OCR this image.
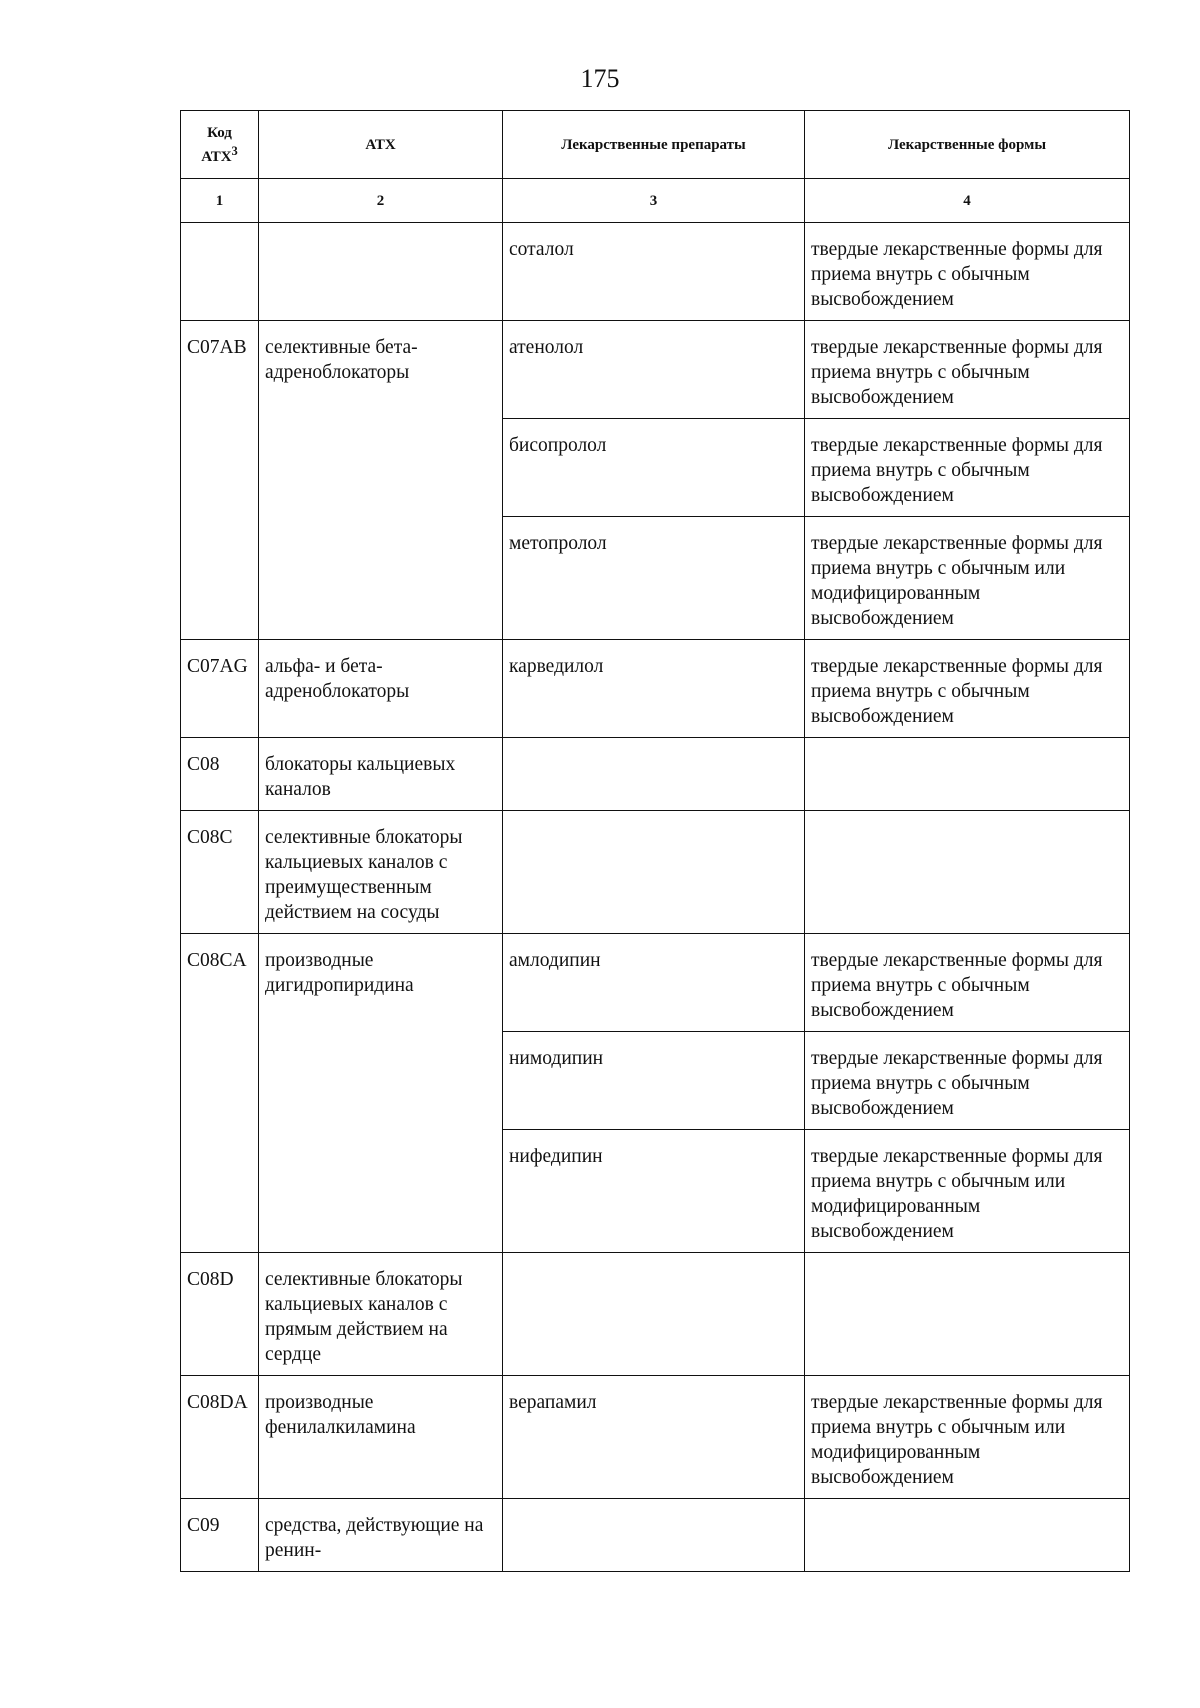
175
Код АТХ$^3$	АТХ	Лекарственные препараты	Лекарственные формы
1	2	3	4
		соталол	твердые лекарственные формы для приема внутрь с обычным высвобождением
C07AB	селективные бета-адреноблокаторы	атенолол	твердые лекарственные формы для приема внутрь с обычным высвобождением
		бисопролол	твердые лекарственные формы для приема внутрь с обычным высвобождением
		метопролол	твердые лекарственные формы для приема внутрь с обычным или модифицированным высвобождением
C07AG	альфа- и бета-адреноблокаторы	карведилол	твердые лекарственные формы для приема внутрь с обычным высвобождением
C08	блокаторы кальциевых каналов		
C08C	селективные блокаторы кальциевых каналов с преимущественным действием на сосуды		
C08CA	производные дигидропиридина	амлодипин	твердые лекарственные формы для приема внутрь с обычным высвобождением
		нимодипин	твердые лекарственные формы для приема внутрь с обычным высвобождением
		нифедипин	твердые лекарственные формы для приема внутрь с обычным или модифицированным высвобождением
C08D	селективные блокаторы кальциевых каналов с прямым действием на сердце		
C08DA	производные фенилалкиламина	верапамил	твердые лекарственные формы для приема внутрь с обычным или модифицированным высвобождением
C09	средства, действующие на ренин-		
